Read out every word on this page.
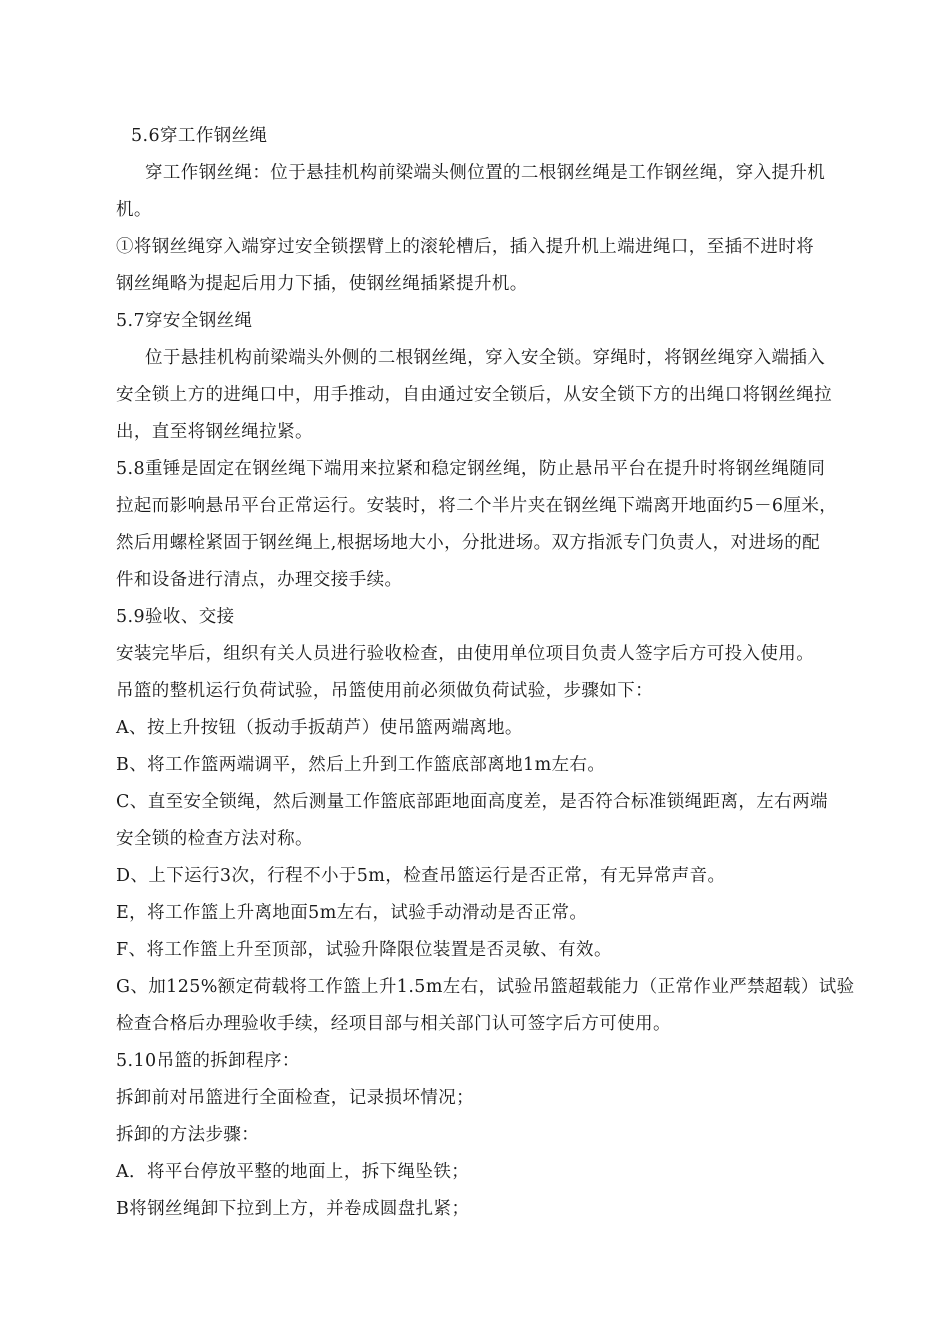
5.6穿工作钢丝绳
穿工作钢丝绳：位于悬挂机构前梁端头侧位置的二根钢丝绳是工作钢丝绳，穿入提升机
机。
①将钢丝绳穿入端穿过安全锁摆臂上的滚轮槽后，插入提升机上端进绳口，至插不进时将
钢丝绳略为提起后用力下插，使钢丝绳插紧提升机。
5.7穿安全钢丝绳
位于悬挂机构前梁端头外侧的二根钢丝绳，穿入安全锁。穿绳时，将钢丝绳穿入端插入
安全锁上方的进绳口中，用手推动，自由通过安全锁后，从安全锁下方的出绳口将钢丝绳拉
出，直至将钢丝绳拉紧。
5.8重锤是固定在钢丝绳下端用来拉紧和稳定钢丝绳，防止悬吊平台在提升时将钢丝绳随同
拉起而影响悬吊平台正常运行。安装时，将二个半片夹在钢丝绳下端离开地面约5－6厘米，
然后用螺栓紧固于钢丝绳上,根据场地大小，分批进场。双方指派专门负责人，对进场的配
件和设备进行清点，办理交接手续。
5.9验收、交接
安装完毕后，组织有关人员进行验收检查，由使用单位项目负责人签字后方可投入使用。
吊篮的整机运行负荷试验，吊篮使用前必须做负荷试验，步骤如下：
A、按上升按钮（扳动手扳葫芦）使吊篮两端离地。
B、将工作篮两端调平，然后上升到工作篮底部离地1m左右。
C、直至安全锁绳，然后测量工作篮底部距地面高度差，是否符合标准锁绳距离，左右两端
安全锁的检查方法对称。
D、上下运行3次，行程不小于5m，检查吊篮运行是否正常，有无异常声音。
E，将工作篮上升离地面5m左右，试验手动滑动是否正常。
F、将工作篮上升至顶部，试验升降限位装置是否灵敏、有效。
G、加125%额定荷载将工作篮上升1.5m左右，试验吊篮超载能力（正常作业严禁超载）试验
检查合格后办理验收手续，经项目部与相关部门认可签字后方可使用。
5.10吊篮的拆卸程序：
拆卸前对吊篮进行全面检查，记录损坏情况；
拆卸的方法步骤：
A．将平台停放平整的地面上，拆下绳坠铁；
B将钢丝绳卸下拉到上方，并卷成圆盘扎紧；
